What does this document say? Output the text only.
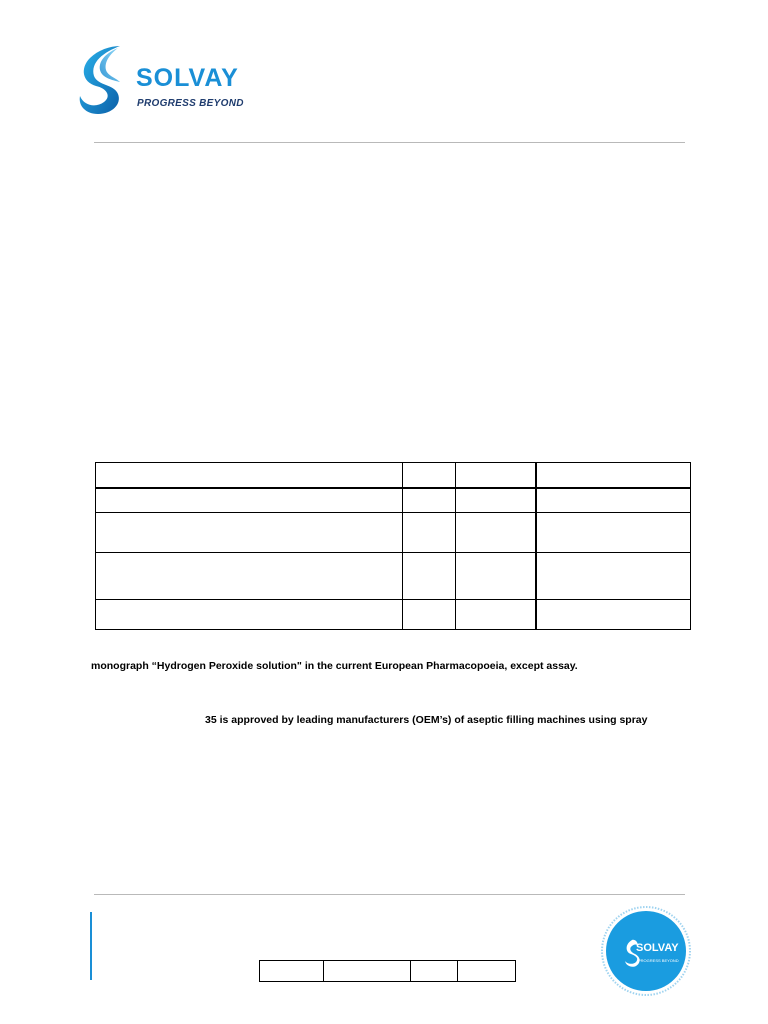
SOLVAY
PROGRESS BEYOND

monograph “Hydrogen Peroxide solution" in the current European Pharmacopoeia, except assay.
35 is approved by leading manufacturers (OEM’s) of aseptic filling machines using spray

SOLVAY
PROGRESS BEYOND
